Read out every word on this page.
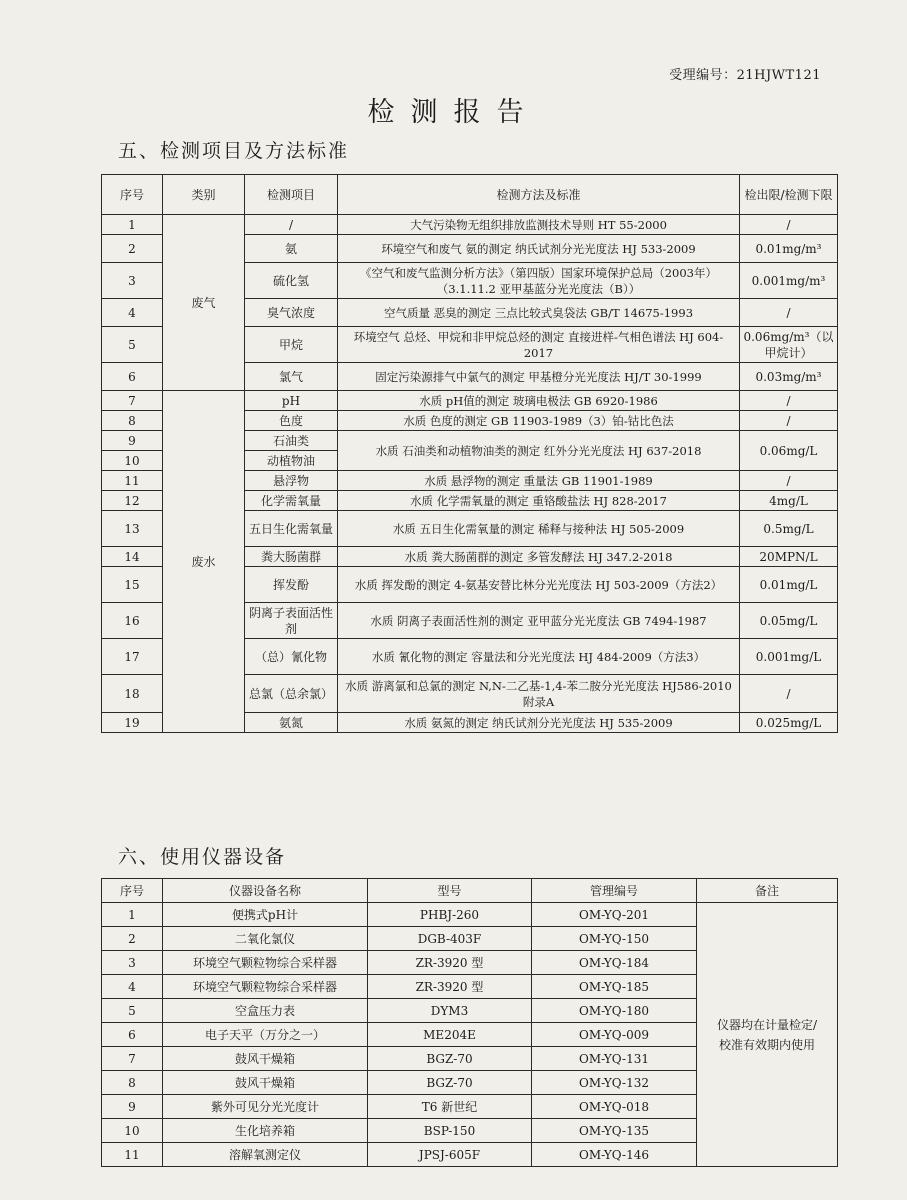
受理编号：21HJWT121
检测报告
五、检测项目及方法标准
序号	类别	检测项目	检测方法及标准	检出限/检测下限
1	废气	/	大气污染物无组织排放监测技术导则 HT 55-2000	/
2		氨	环境空气和废气 氨的测定 纳氏试剂分光光度法 HJ 533-2009	0.01mg/m³
3		硫化氢	《空气和废气监测分析方法》（第四版）国家环境保护总局（2003年）（3.1.11.2 亚甲基蓝分光光度法（B））	0.001mg/m³
4		臭气浓度	空气质量 恶臭的测定 三点比较式臭袋法 GB/T 14675-1993	/
5		甲烷	环境空气 总烃、甲烷和非甲烷总烃的测定 直接进样-气相色谱法 HJ 604-2017	0.06mg/m³（以甲烷计）
6		氯气	固定污染源排气中氯气的测定 甲基橙分光光度法 HJ/T 30-1999	0.03mg/m³
7	废水	pH	水质 pH值的测定 玻璃电极法 GB 6920-1986	/
8		色度	水质 色度的测定 GB 11903-1989（3）铂-钴比色法	/
9		石油类	水质 石油类和动植物油类的测定 红外分光光度法 HJ 637-2018	0.06mg/L
10		动植物油		
11		悬浮物	水质 悬浮物的测定 重量法 GB 11901-1989	/
12		化学需氧量	水质 化学需氧量的测定 重铬酸盐法 HJ 828-2017	4mg/L
13		五日生化需氧量	水质 五日生化需氧量的测定 稀释与接种法 HJ 505-2009	0.5mg/L
14		粪大肠菌群	水质 粪大肠菌群的测定 多管发酵法 HJ 347.2-2018	20MPN/L
15		挥发酚	水质 挥发酚的测定 4-氨基安替比林分光光度法 HJ 503-2009（方法2）	0.01mg/L
16		阴离子表面活性剂	水质 阴离子表面活性剂的测定 亚甲蓝分光光度法 GB 7494-1987	0.05mg/L
17		（总）氰化物	水质 氰化物的测定 容量法和分光光度法 HJ 484-2009（方法3）	0.001mg/L
18		总氯（总余氯）	水质 游离氯和总氯的测定 N,N-二乙基-1,4-苯二胺分光光度法 HJ586-2010 附录A	/
19		氨氮	水质 氨氮的测定 纳氏试剂分光光度法 HJ 535-2009	0.025mg/L
六、使用仪器设备
序号	仪器设备名称	型号	管理编号	备注
1	便携式pH计	PHBJ-260	OM-YQ-201	仪器均在计量检定/校准有效期内使用
2	二氧化氯仪	DGB-403F	OM-YQ-150	
3	环境空气颗粒物综合采样器	ZR-3920 型	OM-YQ-184	
4	环境空气颗粒物综合采样器	ZR-3920 型	OM-YQ-185	
5	空盒压力表	DYM3	OM-YQ-180	
6	电子天平（万分之一）	ME204E	OM-YQ-009	
7	鼓风干燥箱	BGZ-70	OM-YQ-131	
8	鼓风干燥箱	BGZ-70	OM-YQ-132	
9	紫外可见分光光度计	T6 新世纪	OM-YQ-018	
10	生化培养箱	BSP-150	OM-YQ-135	
11	溶解氧测定仪	JPSJ-605F	OM-YQ-146	
